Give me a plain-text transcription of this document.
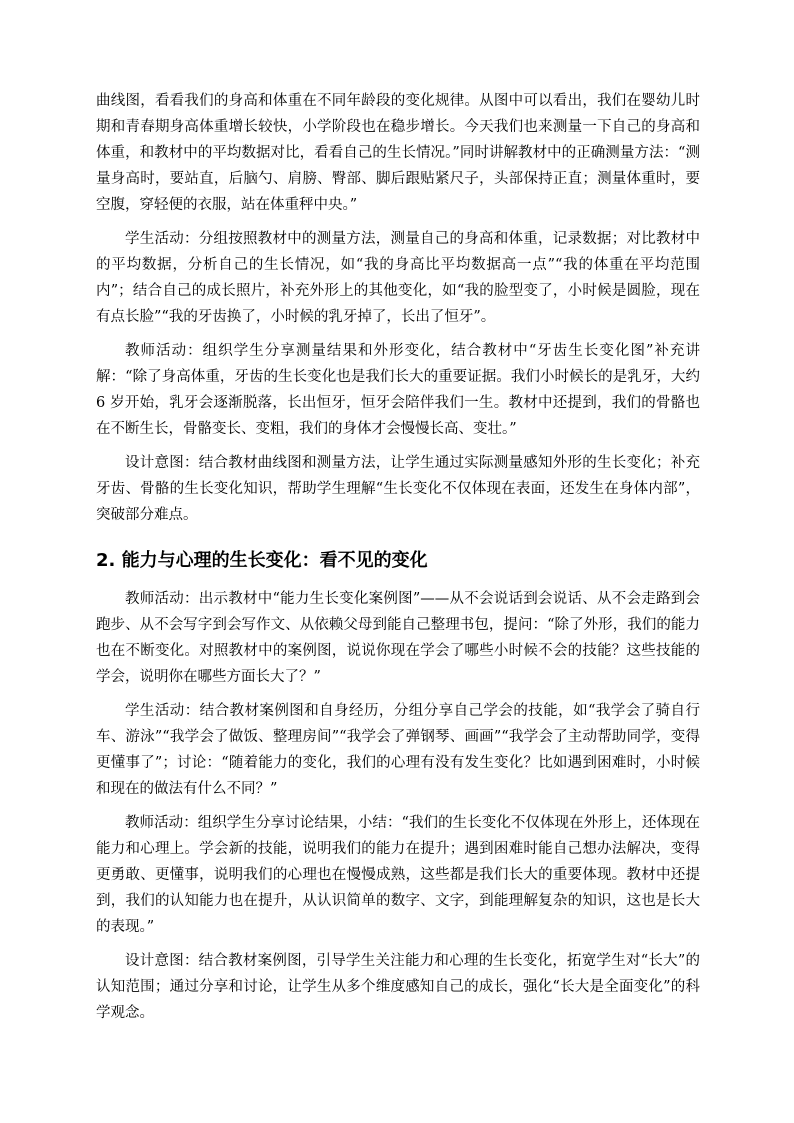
曲线图，看看我们的身高和体重在不同年龄段的变化规律。从图中可以看出，我们在婴幼儿时期和青春期身高体重增长较快，小学阶段也在稳步增长。今天我们也来测量一下自己的身高和体重，和教材中的平均数据对比，看看自己的生长情况。”同时讲解教材中的正确测量方法：“测量身高时，要站直，后脑勺、肩膀、臀部、脚后跟贴紧尺子，头部保持正直；测量体重时，要空腹，穿轻便的衣服，站在体重秤中央。”

学生活动：分组按照教材中的测量方法，测量自己的身高和体重，记录数据；对比教材中的平均数据，分析自己的生长情况，如“我的身高比平均数据高一点”“我的体重在平均范围内”；结合自己的成长照片，补充外形上的其他变化，如“我的脸型变了，小时候是圆脸，现在有点长脸”“我的牙齿换了，小时候的乳牙掉了，长出了恒牙”。

教师活动：组织学生分享测量结果和外形变化，结合教材中“牙齿生长变化图”补充讲解：“除了身高体重，牙齿的生长变化也是我们长大的重要证据。我们小时候长的是乳牙，大约 6 岁开始，乳牙会逐渐脱落，长出恒牙，恒牙会陪伴我们一生。教材中还提到，我们的骨骼也在不断生长，骨骼变长、变粗，我们的身体才会慢慢长高、变壮。”

设计意图：结合教材曲线图和测量方法，让学生通过实际测量感知外形的生长变化；补充牙齿、骨骼的生长变化知识，帮助学生理解“生长变化不仅体现在表面，还发生在身体内部”，突破部分难点。

2. 能力与心理的生长变化：看不见的变化

教师活动：出示教材中“能力生长变化案例图”——从不会说话到会说话、从不会走路到会跑步、从不会写字到会写作文、从依赖父母到能自己整理书包，提问：“除了外形，我们的能力也在不断变化。对照教材中的案例图，说说你现在学会了哪些小时候不会的技能？这些技能的学会，说明你在哪些方面长大了？”

学生活动：结合教材案例图和自身经历，分组分享自己学会的技能，如“我学会了骑自行车、游泳”“我学会了做饭、整理房间”“我学会了弹钢琴、画画”“我学会了主动帮助同学，变得更懂事了”；讨论：“随着能力的变化，我们的心理有没有发生变化？比如遇到困难时，小时候和现在的做法有什么不同？”

教师活动：组织学生分享讨论结果，小结：“我们的生长变化不仅体现在外形上，还体现在能力和心理上。学会新的技能，说明我们的能力在提升；遇到困难时能自己想办法解决，变得更勇敢、更懂事，说明我们的心理也在慢慢成熟，这些都是我们长大的重要体现。教材中还提到，我们的认知能力也在提升，从认识简单的数字、文字，到能理解复杂的知识，这也是长大的表现。”

设计意图：结合教材案例图，引导学生关注能力和心理的生长变化，拓宽学生对“长大”的认知范围；通过分享和讨论，让学生从多个维度感知自己的成长，强化“长大是全面变化”的科学观念。
